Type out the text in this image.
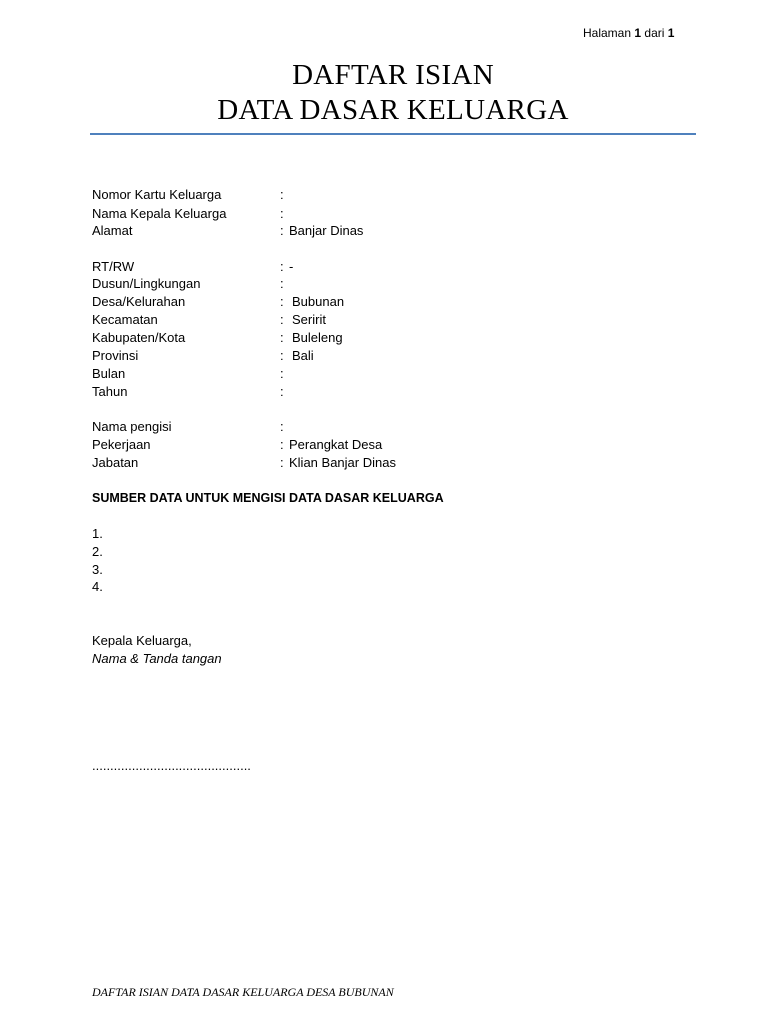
Halaman 1 dari 1
DAFTAR ISIAN
DATA DASAR KELUARGA
Nomor Kartu Keluarga	:
Nama Kepala Keluarga	:
Alamat	: Banjar Dinas
RT/RW	: -
Dusun/Lingkungan	:
Desa/Kelurahan	: Bubunan
Kecamatan	: Seririt
Kabupaten/Kota	: Buleleng
Provinsi	: Bali
Bulan	:
Tahun	:
Nama pengisi	:
Pekerjaan	: Perangkat Desa
Jabatan	: Klian Banjar Dinas
SUMBER DATA UNTUK MENGISI DATA DASAR KELUARGA
1.
2.
3.
4.
Kepala Keluarga,
Nama & Tanda tangan
............................................
DAFTAR ISIAN DATA DASAR KELUARGA DESA BUBUNAN
